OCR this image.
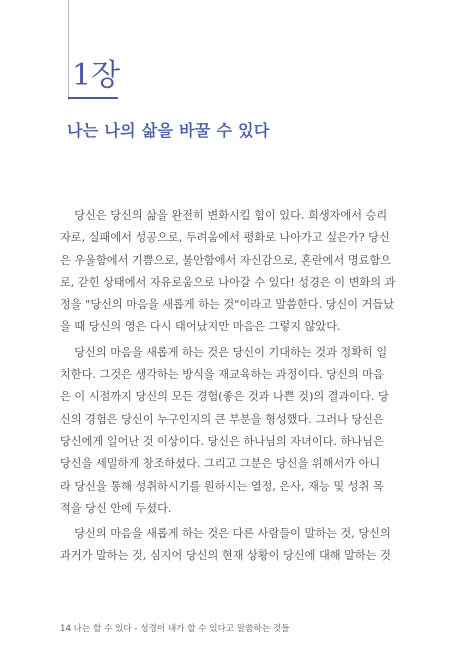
1장
나는 나의 삶을 바꿀 수 있다
당신은 당신의 삶을 완전히 변화시킬 힘이 있다. 희생자에서 승리
자로, 실패에서 성공으로, 두려움에서 평화로 나아가고 싶은가? 당신
은 우울함에서 기쁨으로, 불안함에서 자신감으로, 혼란에서 명료함으
로, 갇힌 상태에서 자유로움으로 나아갈 수 있다! 성경은 이 변화의 과
정을 "당신의 마음을 새롭게 하는 것"이라고 말씀한다. 당신이 거듭났
을 때 당신의 영은 다시 태어났지만 마음은 그렇지 않았다.
당신의 마음을 새롭게 하는 것은 당신이 기대하는 것과 정확히 일
치한다. 그것은 생각하는 방식을 재교육하는 과정이다. 당신의 마음
은 이 시점까지 당신의 모든 경험(좋은 것과 나쁜 것)의 결과이다. 당
신의 경험은 당신이 누구인지의 큰 부분을 형성했다. 그러나 당신은
당신에게 일어난 것 이상이다. 당신은 하나님의 자녀이다. 하나님은
당신을 세밀하게 창조하셨다. 그리고 그분은 당신을 위해서가 아니
라 당신을 통해 성취하시기를 원하시는 열정, 은사, 재능 및 성취 목
적을 당신 안에 두셨다.
당신의 마음을 새롭게 하는 것은 다른 사람들이 말하는 것, 당신의
과거가 말하는 것, 심지어 당신의 현재 상황이 당신에 대해 말하는 것
14 나는 할 수 있다 - 성경이 내가 할 수 있다고 말씀하는 것들
